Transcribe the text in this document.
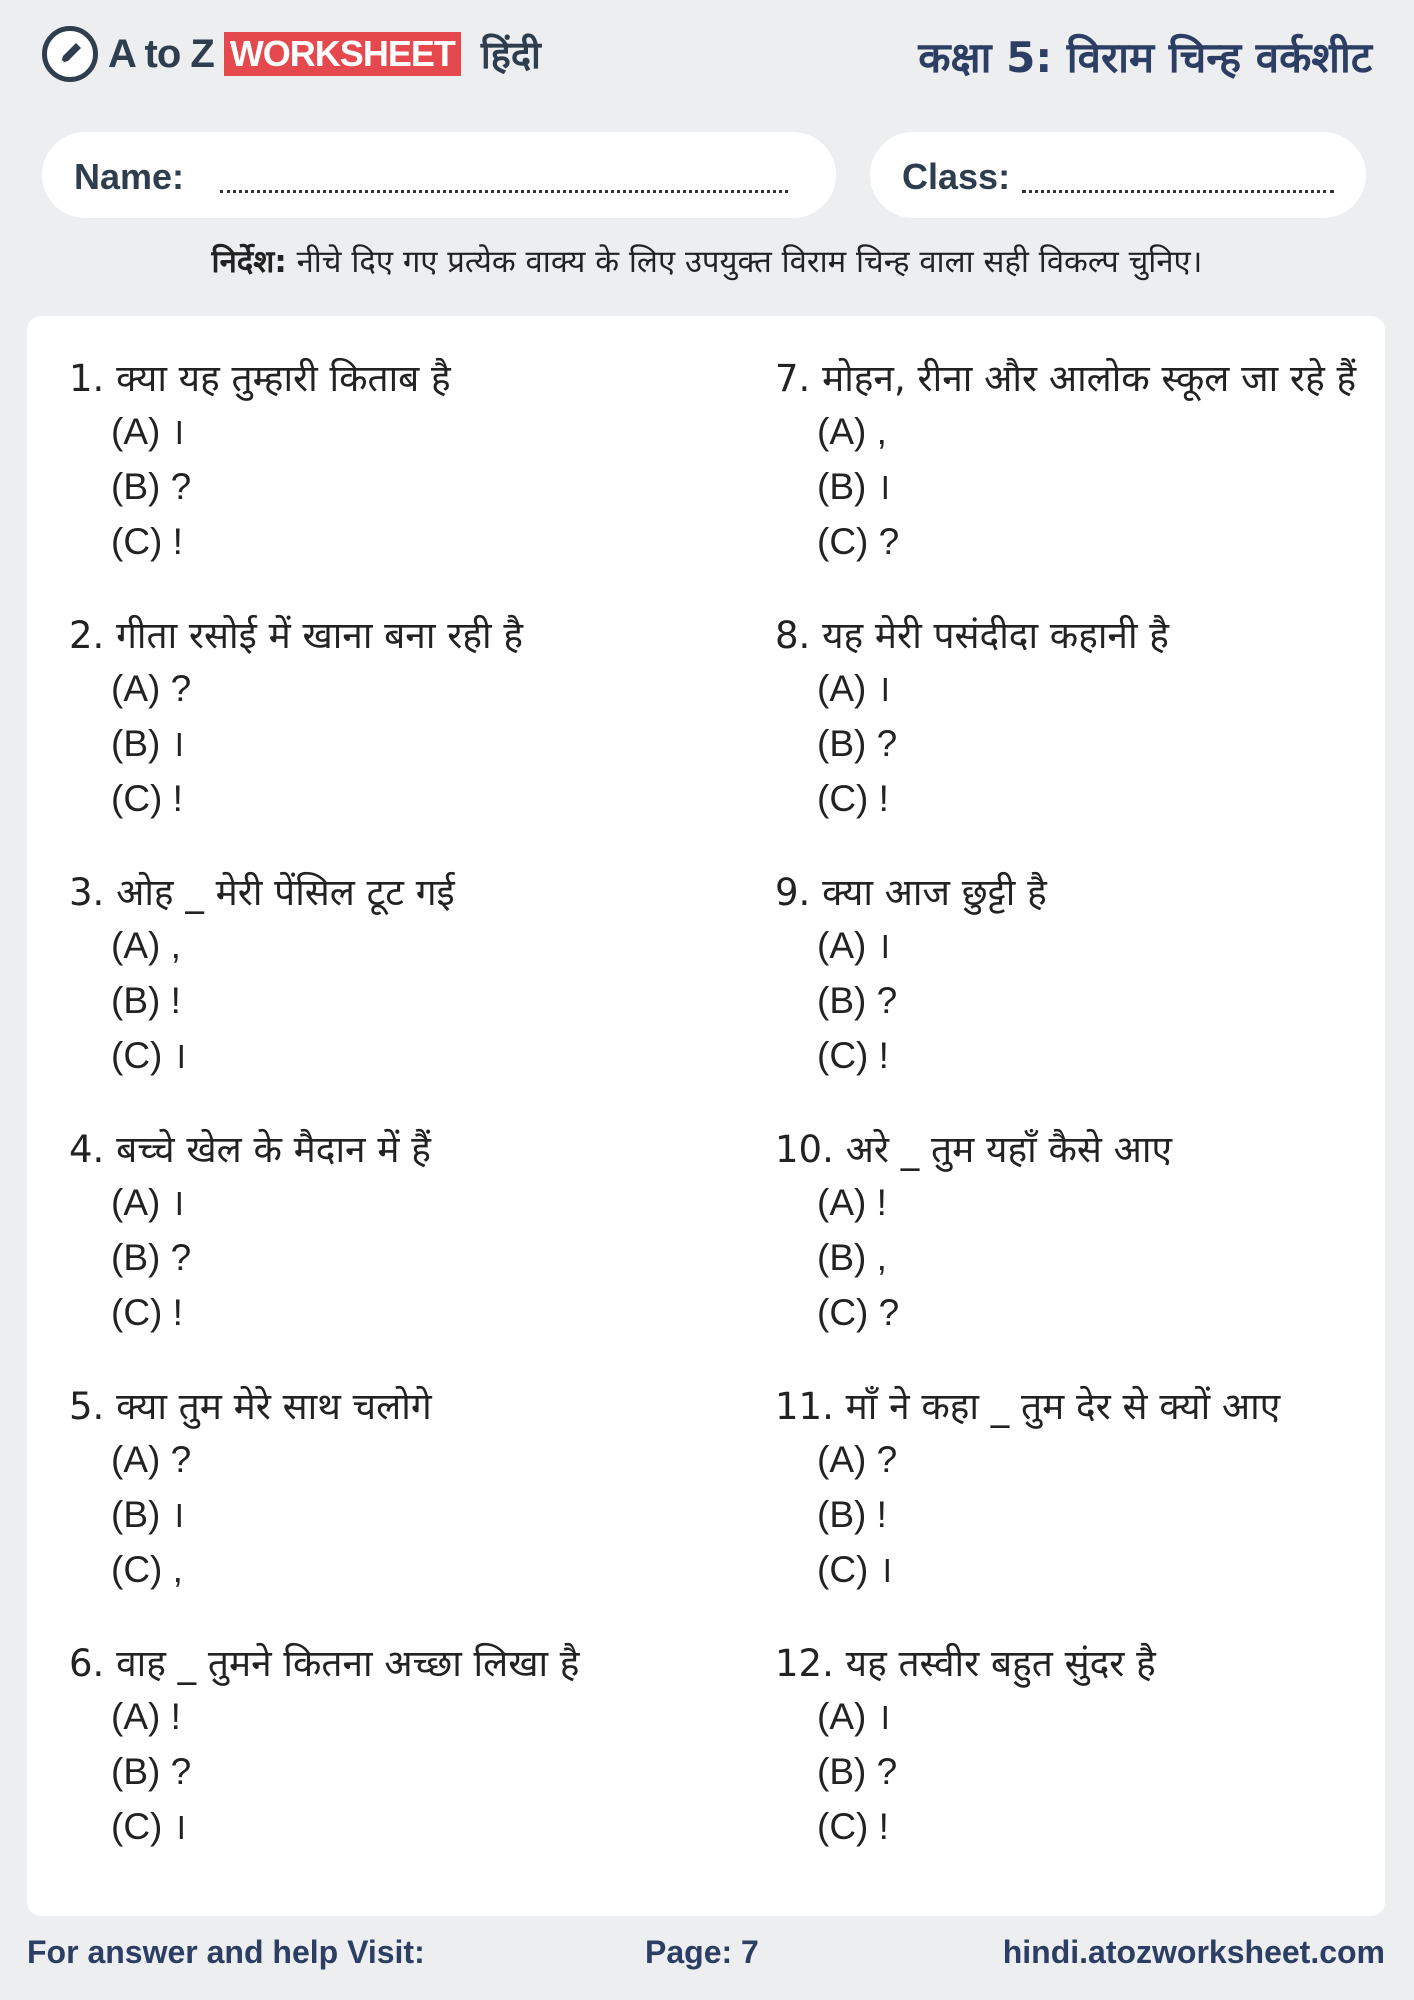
A to Z WORKSHEET हिंदी	कक्षा 5: विराम चिन्ह वर्कशीट
Name:	Class:
निर्देश: नीचे दिए गए प्रत्येक वाक्य के लिए उपयुक्त विराम चिन्ह वाला सही विकल्प चुनिए।
1. क्या यह तुम्हारी किताब है
(A) ।
(B) ?
(C) !
2. गीता रसोई में खाना बना रही है
(A) ?
(B) ।
(C) !
3. ओह _ मेरी पेंसिल टूट गई
(A) ,
(B) !
(C) ।
4. बच्चे खेल के मैदान में हैं
(A) ।
(B) ?
(C) !
5. क्या तुम मेरे साथ चलोगे
(A) ?
(B) ।
(C) ,
6. वाह _ तुमने कितना अच्छा लिखा है
(A) !
(B) ?
(C) ।
7. मोहन, रीना और आलोक स्कूल जा रहे हैं
(A) ,
(B) ।
(C) ?
8. यह मेरी पसंदीदा कहानी है
(A) ।
(B) ?
(C) !
9. क्या आज छुट्टी है
(A) ।
(B) ?
(C) !
10. अरे _ तुम यहाँ कैसे आए
(A) !
(B) ,
(C) ?
11. माँ ने कहा _ तुम देर से क्यों आए
(A) ?
(B) !
(C) ।
12. यह तस्वीर बहुत सुंदर है
(A) ।
(B) ?
(C) !
For answer and help Visit:	Page: 7	hindi.atozworksheet.com
